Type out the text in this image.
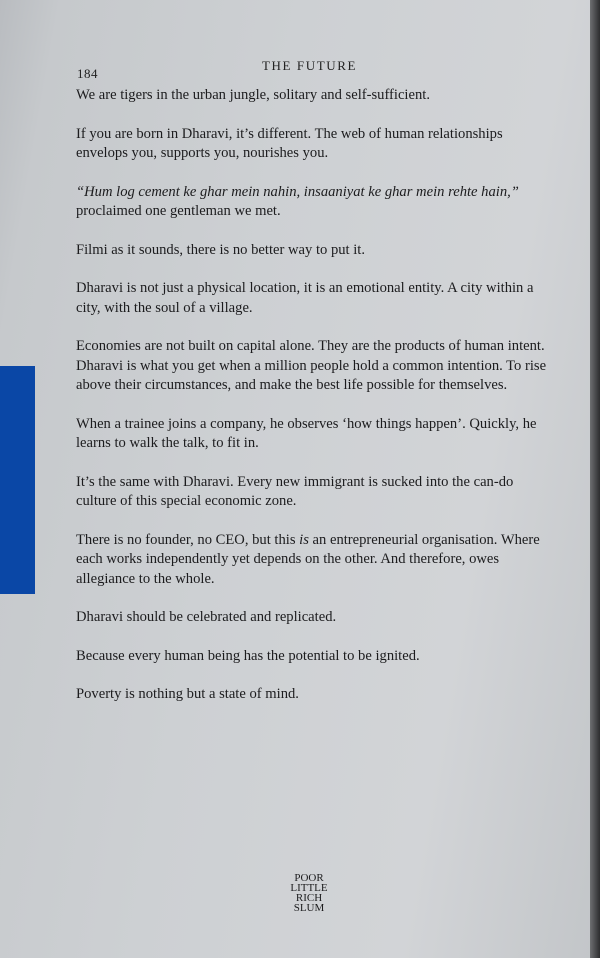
184
THE FUTURE

We are tigers in the urban jungle, solitary and self-sufficient.

If you are born in Dharavi, it’s different. The web of human relationships envelops you, supports you, nourishes you.

“Hum log cement ke ghar mein nahin, insaaniyat ke ghar mein rehte hain,” proclaimed one gentleman we met.

Filmi as it sounds, there is no better way to put it.

Dharavi is not just a physical location, it is an emotional entity. A city within a city, with the soul of a village.

Economies are not built on capital alone. They are the products of human intent. Dharavi is what you get when a million people hold a common intention. To rise above their circumstances, and make the best life possible for themselves.

When a trainee joins a company, he observes ‘how things happen’. Quickly, he learns to walk the talk, to fit in.

It’s the same with Dharavi. Every new immigrant is sucked into the can-do culture of this special economic zone.

There is no founder, no CEO, but this is an entrepreneurial organisation. Where each works independently yet depends on the other. And therefore, owes allegiance to the whole.

Dharavi should be celebrated and replicated.

Because every human being has the potential to be ignited.

Poverty is nothing but a state of mind.

POOR
LITTLE
RICH
SLUM
